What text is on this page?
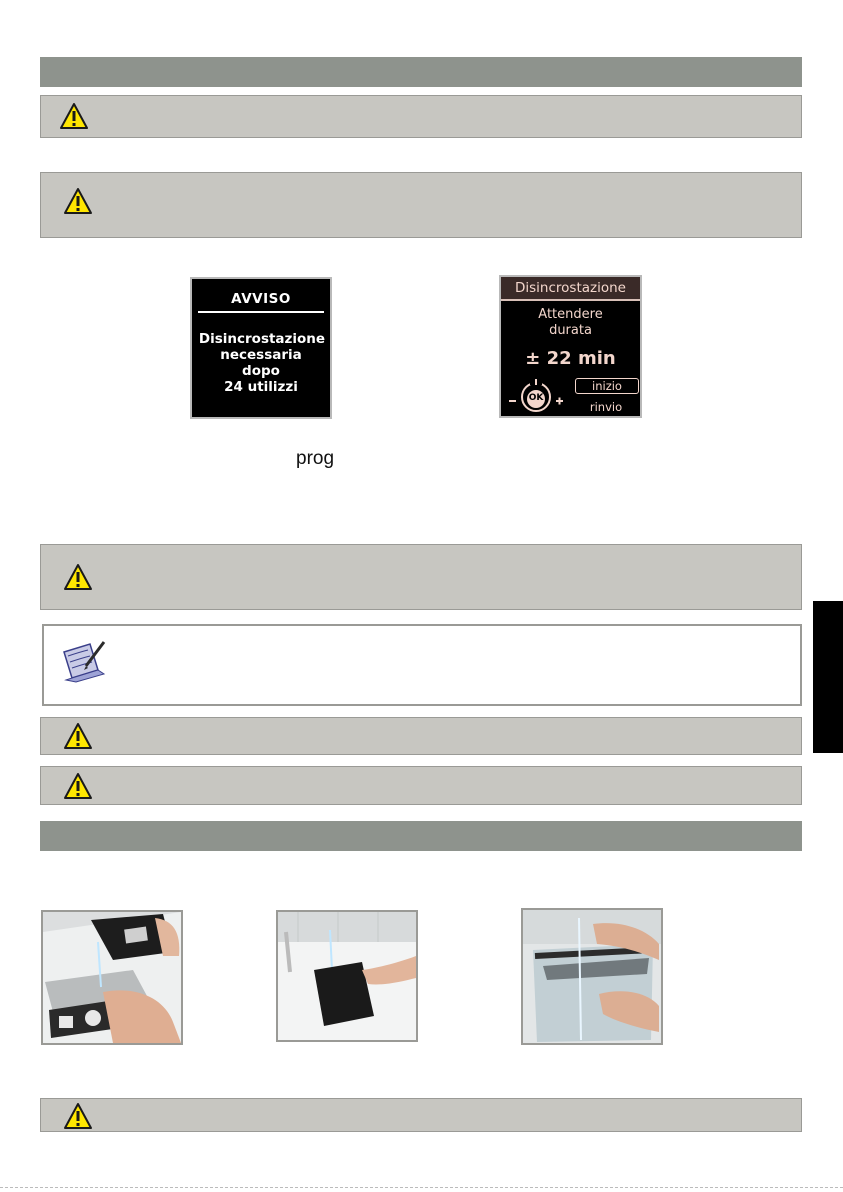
AVVISO
Disincrostazione
necessaria
dopo
24 utilizzi
Disincrostazione
Attendere
durata
± 22 min
OK
inizio
rinvio
prog
